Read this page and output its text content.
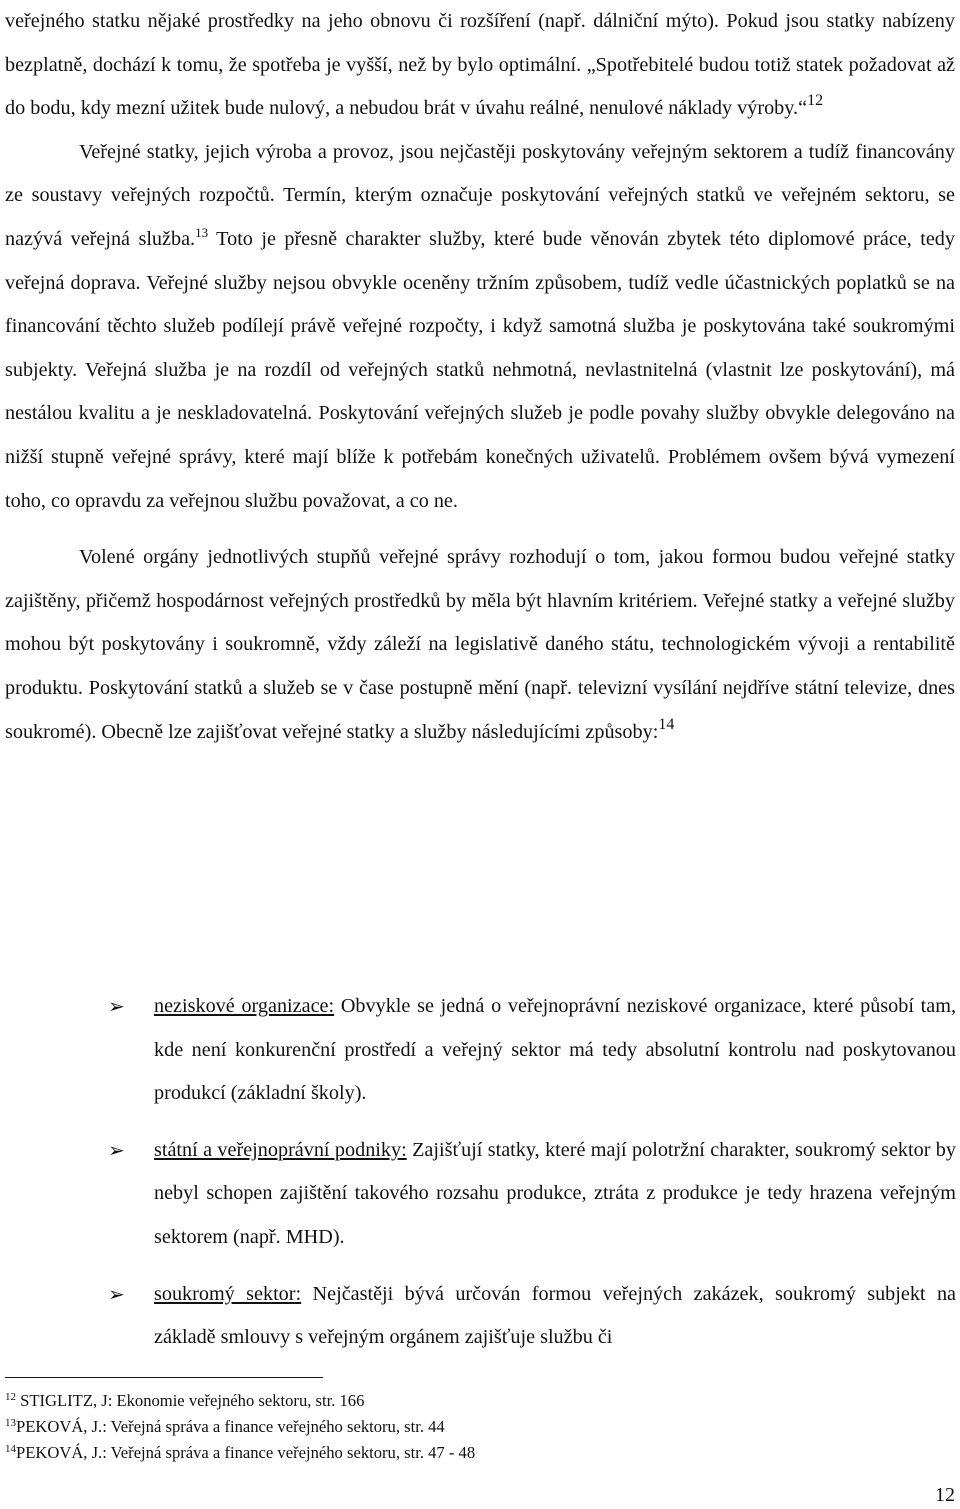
veřejného statku nějaké prostředky na jeho obnovu či rozšíření (např. dálniční mýto). Pokud jsou statky nabízeny bezplatně, dochází k tomu, že spotřeba je vyšší, než by bylo optimální. „Spotřebitelé budou totiž statek požadovat až do bodu, kdy mezní užitek bude nulový, a nebudou brát v úvahu reálné, nenulové náklady výroby.“$^{12}$

Veřejné statky, jejich výroba a provoz, jsou nejčastěji poskytovány veřejným sektorem a tudíž financovány ze soustavy veřejných rozpočtů. Termín, kterým označuje poskytování veřejných statků ve veřejném sektoru, se nazývá veřejná služba.$^{13}$ Toto je přesně charakter služby, které bude věnován zbytek této diplomové práce, tedy veřejná doprava. Veřejné služby nejsou obvykle oceněny tržním způsobem, tudíž vedle účastnických poplatků se na financování těchto služeb podílejí právě veřejné rozpočty, i když samotná služba je poskytována také soukromými subjekty. Veřejná služba je na rozdíl od veřejných statků nehmotná, nevlastnitelná (vlastnit lze poskytování), má nestálou kvalitu a je neskladovatelná. Poskytování veřejných služeb je podle povahy služby obvykle delegováno na nižší stupně veřejné správy, které mají blíže k potřebám konečných uživatelů. Problémem ovšem bývá vymezení toho, co opravdu za veřejnou službu považovat, a co ne.

Volené orgány jednotlivých stupňů veřejné správy rozhodují o tom, jakou formou budou veřejné statky zajištěny, přičemž hospodárnost veřejných prostředků by měla být hlavním kritériem. Veřejné statky a veřejné služby mohou být poskytovány i soukromně, vždy záleží na legislativě daného státu, technologickém vývoji a rentabilitě produktu. Poskytování statků a služeb se v čase postupně mění (např. televizní vysílání nejdříve státní televize, dnes soukromé). Obecně lze zajišťovat veřejné statky a služby následujícími způsoby:$^{14}$

➢ neziskové organizace: Obvykle se jedná o veřejnoprávní neziskové organizace, které působí tam, kde není konkurenční prostředí a veřejný sektor má tedy absolutní kontrolu nad poskytovanou produkcí (základní školy).
➢ státní a veřejnoprávní podniky: Zajišťují statky, které mají polotržní charakter, soukromý sektor by nebyl schopen zajištění takového rozsahu produkce, ztráta z produkce je tedy hrazena veřejným sektorem (např. MHD).
➢ soukromý sektor: Nejčastěji bývá určován formou veřejných zakázek, soukromý subjekt na základě smlouvy s veřejným orgánem zajišťuje službu či
$^{12}$ STIGLITZ, J: Ekonomie veřejného sektoru, str. 166
$^{13}$PEKOVÁ, J.: Veřejná správa a finance veřejného sektoru, str. 44
$^{14}$PEKOVÁ, J.: Veřejná správa a finance veřejného sektoru, str. 47 - 48
12
